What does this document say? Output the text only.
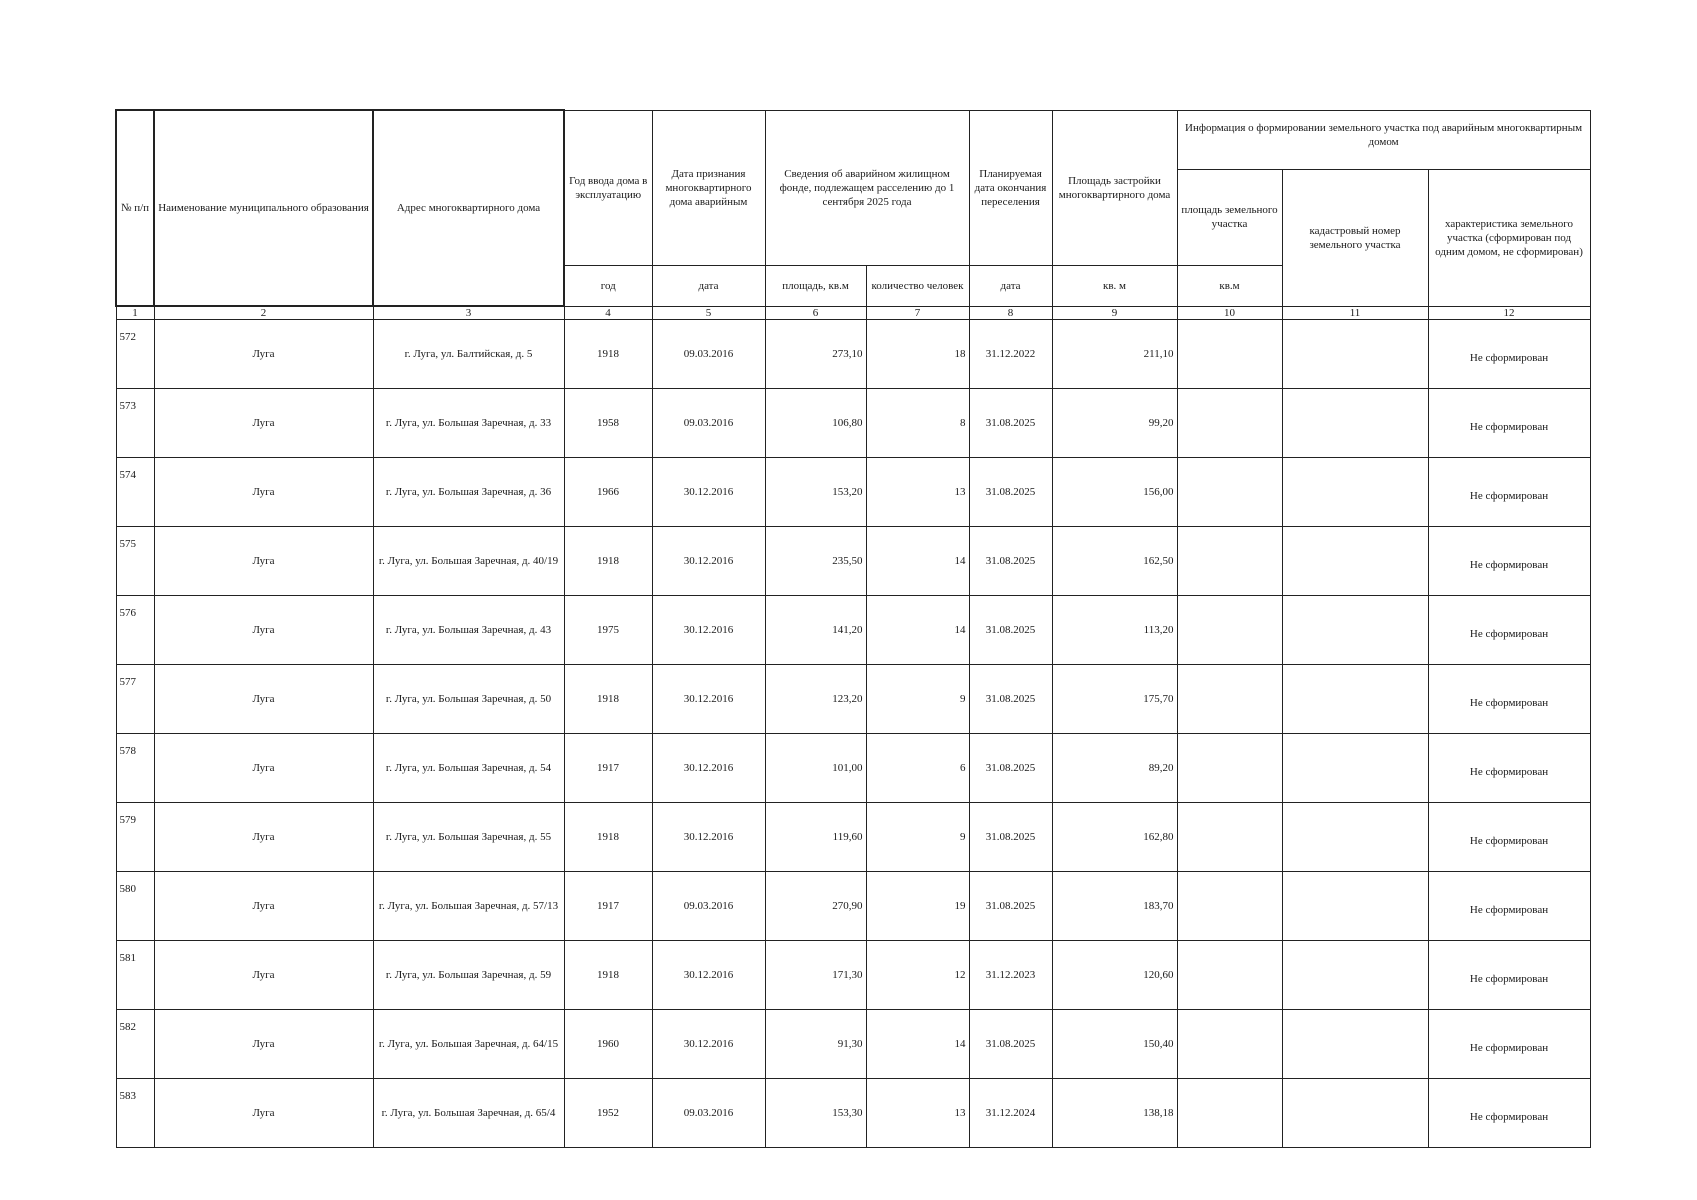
№ п/п	Наименование муниципального образования	Адрес многоквартирного дома	Год ввода дома в эксплуатацию	Дата признания многоквартирного дома аварийным	Сведения об аварийном жилищном фонде, подлежащем расселению до 1 сентября 2025 года		Планируемая дата окончания переселения	Площадь застройки многоквартирного дома	Информация о формировании земельного участка под аварийным многоквартирным домом		
									площадь земельного участка	кадастровый номер земельного участка	характеристика земельного участка (сформирован под одним домом, не сформирован)
			год	дата	площадь, кв.м	количество человек	дата	кв. м	кв.м		
1	2	3	4	5	6	7	8	9	10	11	12
572	Луга	г. Луга, ул. Балтийская, д. 5	1918	09.03.2016	273,10	18	31.12.2022	211,10			Не сформирован
573	Луга	г. Луга, ул. Большая Заречная, д. 33	1958	09.03.2016	106,80	8	31.08.2025	99,20			Не сформирован
574	Луга	г. Луга, ул. Большая Заречная, д. 36	1966	30.12.2016	153,20	13	31.08.2025	156,00			Не сформирован
575	Луга	г. Луга, ул. Большая Заречная, д. 40/19	1918	30.12.2016	235,50	14	31.08.2025	162,50			Не сформирован
576	Луга	г. Луга, ул. Большая Заречная, д. 43	1975	30.12.2016	141,20	14	31.08.2025	113,20			Не сформирован
577	Луга	г. Луга, ул. Большая Заречная, д. 50	1918	30.12.2016	123,20	9	31.08.2025	175,70			Не сформирован
578	Луга	г. Луга, ул. Большая Заречная, д. 54	1917	30.12.2016	101,00	6	31.08.2025	89,20			Не сформирован
579	Луга	г. Луга, ул. Большая Заречная, д. 55	1918	30.12.2016	119,60	9	31.08.2025	162,80			Не сформирован
580	Луга	г. Луга, ул. Большая Заречная, д. 57/13	1917	09.03.2016	270,90	19	31.08.2025	183,70			Не сформирован
581	Луга	г. Луга, ул. Большая Заречная, д. 59	1918	30.12.2016	171,30	12	31.12.2023	120,60			Не сформирован
582	Луга	г. Луга, ул. Большая Заречная, д. 64/15	1960	30.12.2016	91,30	14	31.08.2025	150,40			Не сформирован
583	Луга	г. Луга, ул. Большая Заречная, д. 65/4	1952	09.03.2016	153,30	13	31.12.2024	138,18			Не сформирован
